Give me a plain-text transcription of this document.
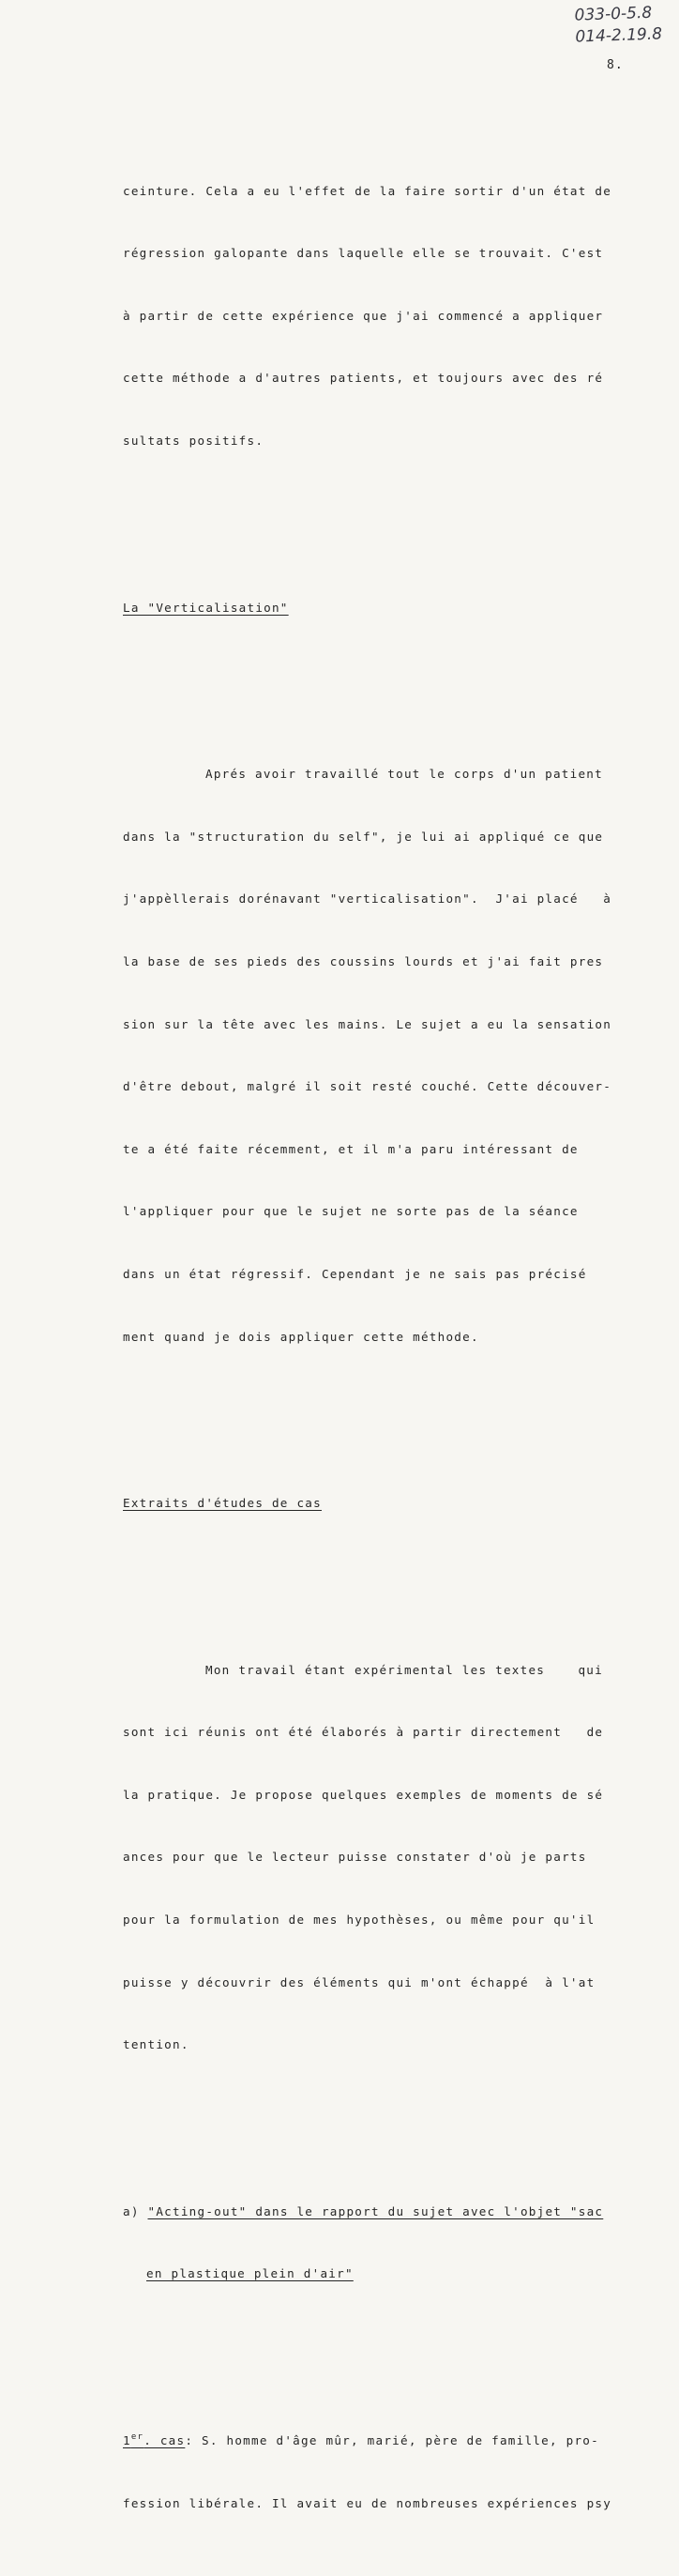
033-0-5.8
014-2.19.8
8.

ceinture. Cela a eu l'effet de la faire sortir d'un état de

régression galopante dans laquelle elle se trouvait. C'est

à partir de cette expérience que j'ai commencé a appliquer

cette méthode a d'autres patients, et toujours avec des ré

sultats positifs.

La "Verticalisation"

Aprés avoir travaillé tout le corps d'un patient

dans la "structuration du self", je lui ai appliqué ce que

j'appèllerais dorénavant "verticalisation".  J'ai placé   à

la base de ses pieds des coussins lourds et j'ai fait pres

sion sur la tête avec les mains. Le sujet a eu la sensation

d'être debout, malgré il soit resté couché. Cette découver-

te a été faite récemment, et il m'a paru intéressant de

l'appliquer pour que le sujet ne sorte pas de la séance

dans un état régressif. Cependant je ne sais pas précisé

ment quand je dois appliquer cette méthode.

Extraits d'études de cas

Mon travail étant expérimental les textes    qui

sont ici réunis ont été élaborés à partir directement   de

la pratique. Je propose quelques exemples de moments de sé

ances pour que le lecteur puisse constater d'où je parts

pour la formulation de mes hypothèses, ou même pour qu'il

puisse y découvrir des éléments qui m'ont échappé  à l'at

tention.

a) "Acting-out" dans le rapport du sujet avec l'objet "sac

en plastique plein d'air"

1er. cas: S. homme d'âge mûr, marié, père de famille, pro-

fession libérale. Il avait eu de nombreuses expériences psy
